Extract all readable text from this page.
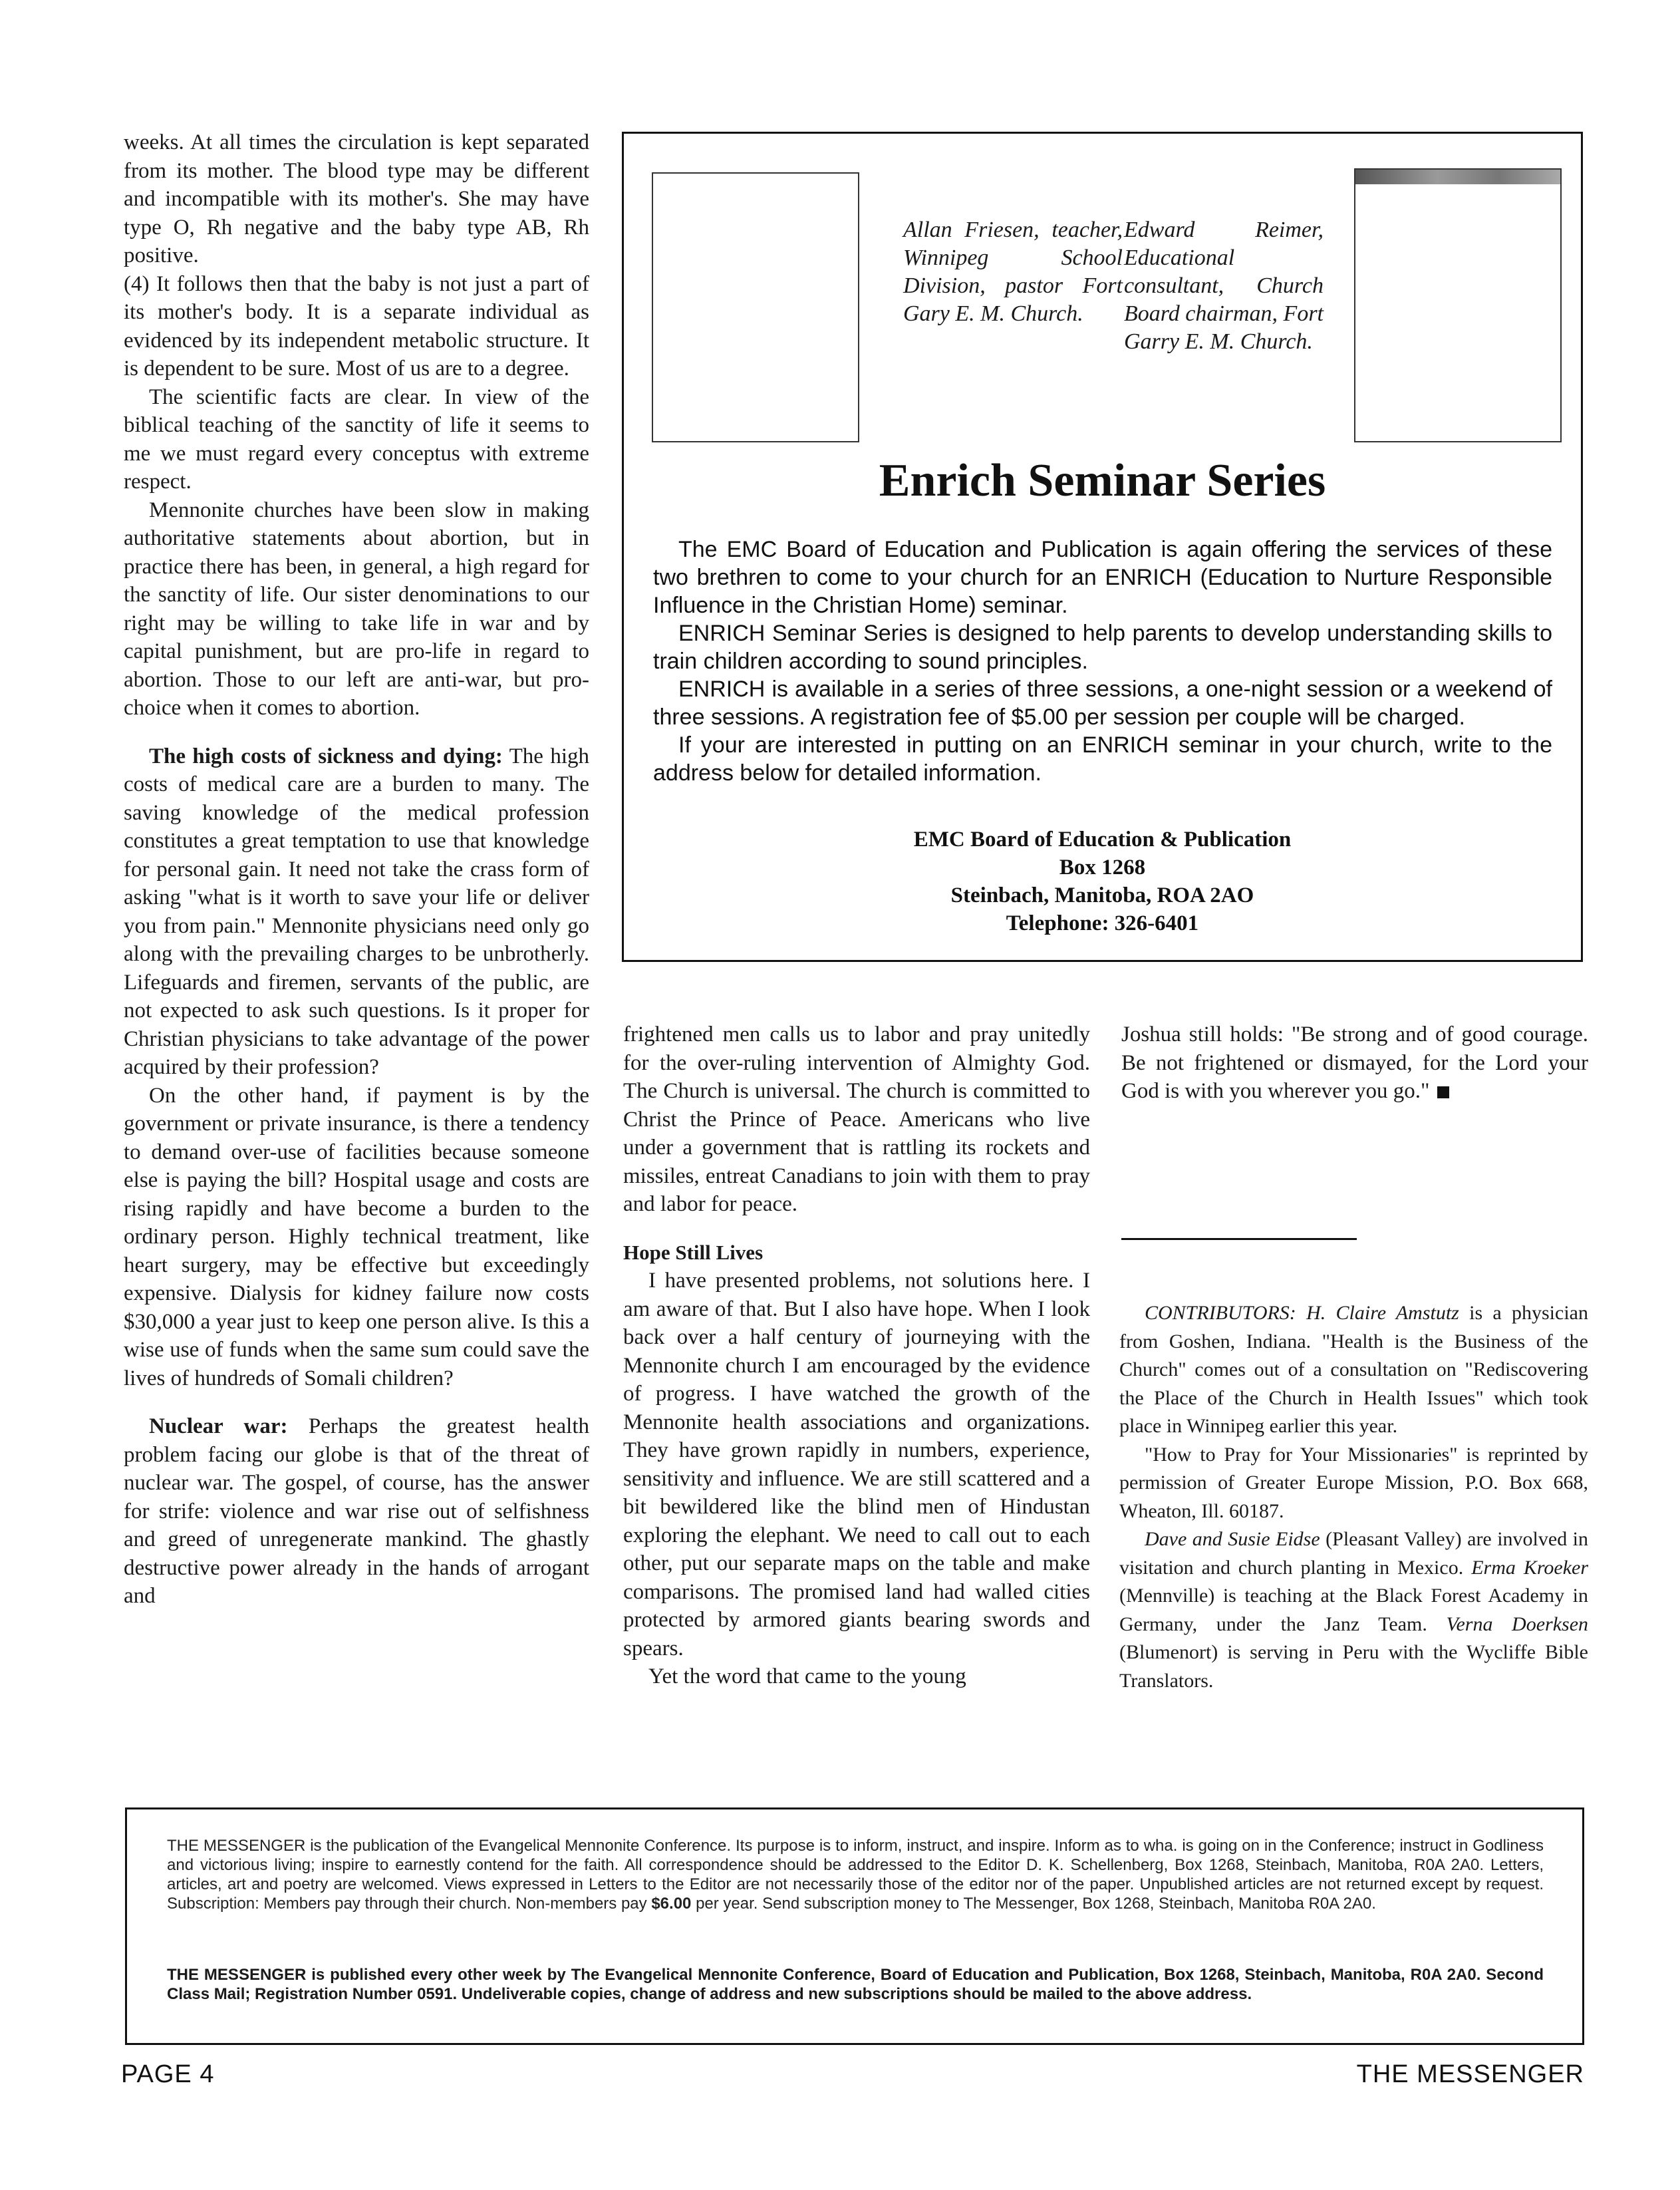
weeks. At all times the circulation is kept separated from its mother. The blood type may be different and incompatible with its mother's. She may have type O, Rh negative and the baby type AB, Rh positive.

(4) It follows then that the baby is not just a part of its mother's body. It is a separate individual as evidenced by its independent metabolic structure. It is dependent to be sure. Most of us are to a degree.

The scientific facts are clear. In view of the biblical teaching of the sanctity of life it seems to me we must regard every conceptus with extreme respect.

Mennonite churches have been slow in making authoritative statements about abortion, but in practice there has been, in general, a high regard for the sanctity of life. Our sister denominations to our right may be willing to take life in war and by capital punishment, but are pro-life in regard to abortion. Those to our left are anti-war, but pro-choice when it comes to abortion.

The high costs of sickness and dying: The high costs of medical care are a burden to many. The saving knowledge of the medical profession constitutes a great temptation to use that knowledge for personal gain. It need not take the crass form of asking "what is it worth to save your life or deliver you from pain." Mennonite physicians need only go along with the prevailing charges to be unbrotherly. Lifeguards and firemen, servants of the public, are not expected to ask such questions. Is it proper for Christian physicians to take advantage of the power acquired by their profession?

On the other hand, if payment is by the government or private insurance, is there a tendency to demand over-use of facilities because someone else is paying the bill? Hospital usage and costs are rising rapidly and have become a burden to the ordinary person. Highly technical treatment, like heart surgery, may be effective but exceedingly expensive. Dialysis for kidney failure now costs $30,000 a year just to keep one person alive. Is this a wise use of funds when the same sum could save the lives of hundreds of Somali children?

Nuclear war: Perhaps the greatest health problem facing our globe is that of the threat of nuclear war. The gospel, of course, has the answer for strife: violence and war rise out of selfishness and greed of unregenerate mankind. The ghastly destructive power already in the hands of arrogant and

Allan Friesen, teacher, Winnipeg School Division, pastor Fort Gary E. M. Church.
Edward Reimer, Educational consultant, Church Board chairman, Fort Garry E. M. Church.
Enrich Seminar Series

The EMC Board of Education and Publication is again offering the services of these two brethren to come to your church for an ENRICH (Education to Nurture Responsible Influence in the Christian Home) seminar.

ENRICH Seminar Series is designed to help parents to develop understanding skills to train children according to sound principles.

ENRICH is available in a series of three sessions, a one-night session or a weekend of three sessions. A registration fee of $5.00 per session per couple will be charged.

If your are interested in putting on an ENRICH seminar in your church, write to the address below for detailed information.

EMC Board of Education & Publication
Box 1268
Steinbach, Manitoba, ROA 2AO
Telephone: 326-6401

frightened men calls us to labor and pray unitedly for the over-ruling intervention of Almighty God. The Church is universal. The church is committed to Christ the Prince of Peace. Americans who live under a government that is rattling its rockets and missiles, entreat Canadians to join with them to pray and labor for peace.

Hope Still Lives

I have presented problems, not solutions here. I am aware of that. But I also have hope. When I look back over a half century of journeying with the Mennonite church I am encouraged by the evidence of progress. I have watched the growth of the Mennonite health associations and organizations. They have grown rapidly in numbers, experience, sensitivity and influence. We are still scattered and a bit bewildered like the blind men of Hindustan exploring the elephant. We need to call out to each other, put our separate maps on the table and make comparisons. The promised land had walled cities protected by armored giants bearing swords and spears.

Yet the word that came to the young

Joshua still holds: "Be strong and of good courage. Be not frightened or dismayed, for the Lord your God is with you wherever you go."

CONTRIBUTORS: H. Claire Amstutz is a physician from Goshen, Indiana. "Health is the Business of the Church" comes out of a consultation on "Rediscovering the Place of the Church in Health Issues" which took place in Winnipeg earlier this year.

"How to Pray for Your Missionaries" is reprinted by permission of Greater Europe Mission, P.O. Box 668, Wheaton, Ill. 60187.

Dave and Susie Eidse (Pleasant Valley) are involved in visitation and church planting in Mexico. Erma Kroeker (Mennville) is teaching at the Black Forest Academy in Germany, under the Janz Team. Verna Doerksen (Blumenort) is serving in Peru with the Wycliffe Bible Translators.

THE MESSENGER is the publication of the Evangelical Mennonite Conference. Its purpose is to inform, instruct, and inspire. Inform as to wha. is going on in the Conference; instruct in Godliness and victorious living; inspire to earnestly contend for the faith. All correspondence should be addressed to the Editor D. K. Schellenberg, Box 1268, Steinbach, Manitoba, R0A 2A0. Letters, articles, art and poetry are welcomed. Views expressed in Letters to the Editor are not necessarily those of the editor nor of the paper. Unpublished articles are not returned except by request. Subscription: Members pay through their church. Non-members pay $6.00 per year. Send subscription money to The Messenger, Box 1268, Steinbach, Manitoba R0A 2A0.

THE MESSENGER is published every other week by The Evangelical Mennonite Conference, Board of Education and Publication, Box 1268, Steinbach, Manitoba, R0A 2A0. Second Class Mail; Registration Number 0591. Undeliverable copies, change of address and new subscriptions should be mailed to the above address.

PAGE 4	THE MESSENGER
